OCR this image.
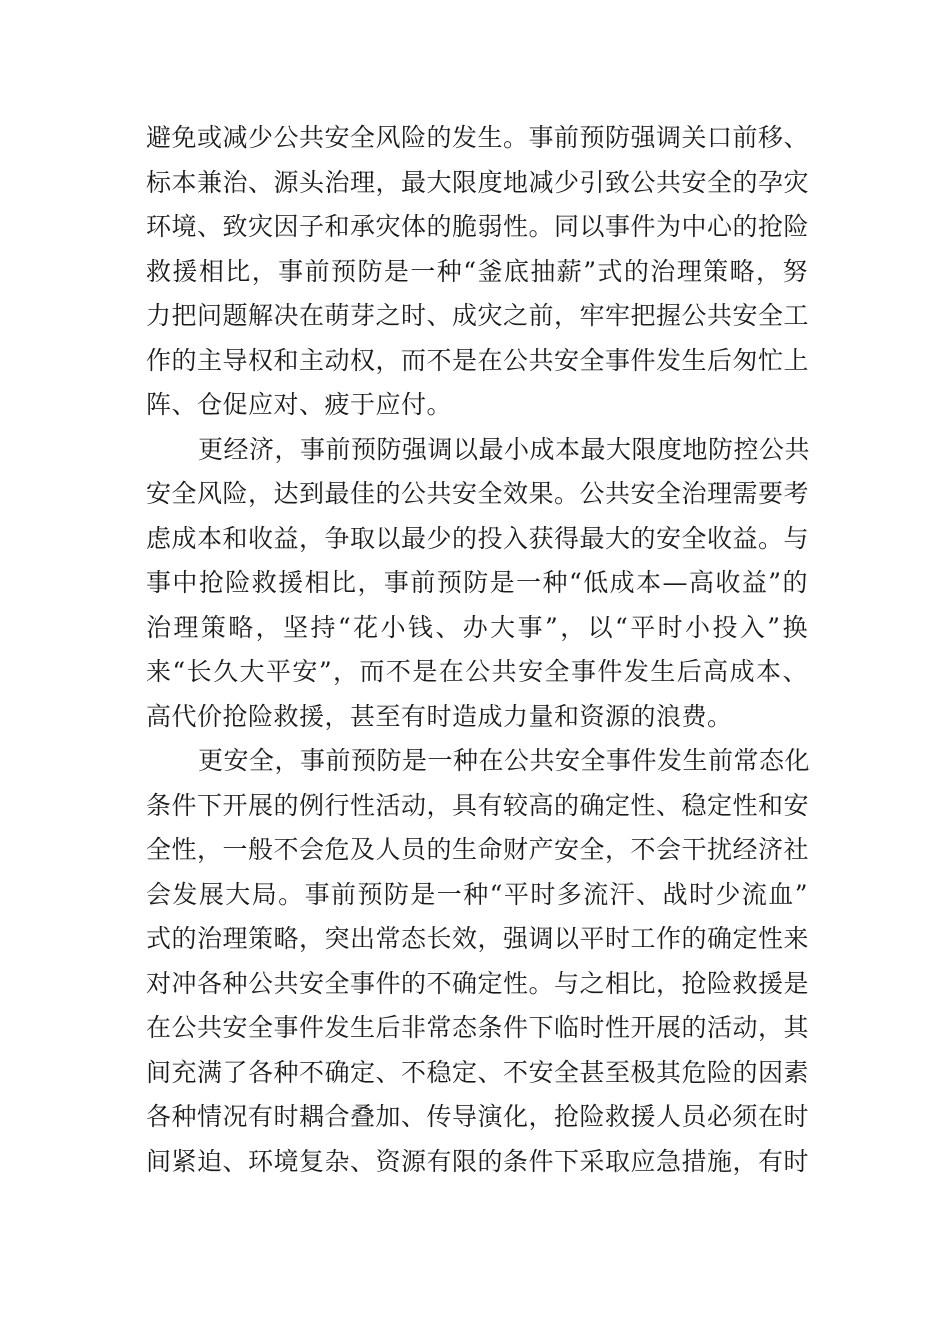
避免或减少公共安全风险的发生。事前预防强调关口前移、
标本兼治、源头治理，最大限度地减少引致公共安全的孕灾
环境、致灾因子和承灾体的脆弱性。同以事件为中心的抢险
救援相比，事前预防是一种“釜底抽薪”式的治理策略，努
力把问题解决在萌芽之时、成灾之前，牢牢把握公共安全工
作的主导权和主动权，而不是在公共安全事件发生后匆忙上
阵、仓促应对、疲于应付。
更经济，事前预防强调以最小成本最大限度地防控公共
安全风险，达到最佳的公共安全效果。公共安全治理需要考
虑成本和收益，争取以最少的投入获得最大的安全收益。与
事中抢险救援相比，事前预防是一种“低成本—高收益”的
治理策略，坚持“花小钱、办大事”，以“平时小投入”换
来“长久大平安”，而不是在公共安全事件发生后高成本、
高代价抢险救援，甚至有时造成力量和资源的浪费。
更安全，事前预防是一种在公共安全事件发生前常态化
条件下开展的例行性活动，具有较高的确定性、稳定性和安
全性，一般不会危及人员的生命财产安全，不会干扰经济社
会发展大局。事前预防是一种“平时多流汗、战时少流血”
式的治理策略，突出常态长效，强调以平时工作的确定性来
对冲各种公共安全事件的不确定性。与之相比，抢险救援是
在公共安全事件发生后非常态条件下临时性开展的活动，其
间充满了各种不确定、不稳定、不安全甚至极其危险的因素
各种情况有时耦合叠加、传导演化，抢险救援人员必须在时
间紧迫、环境复杂、资源有限的条件下采取应急措施，有时
